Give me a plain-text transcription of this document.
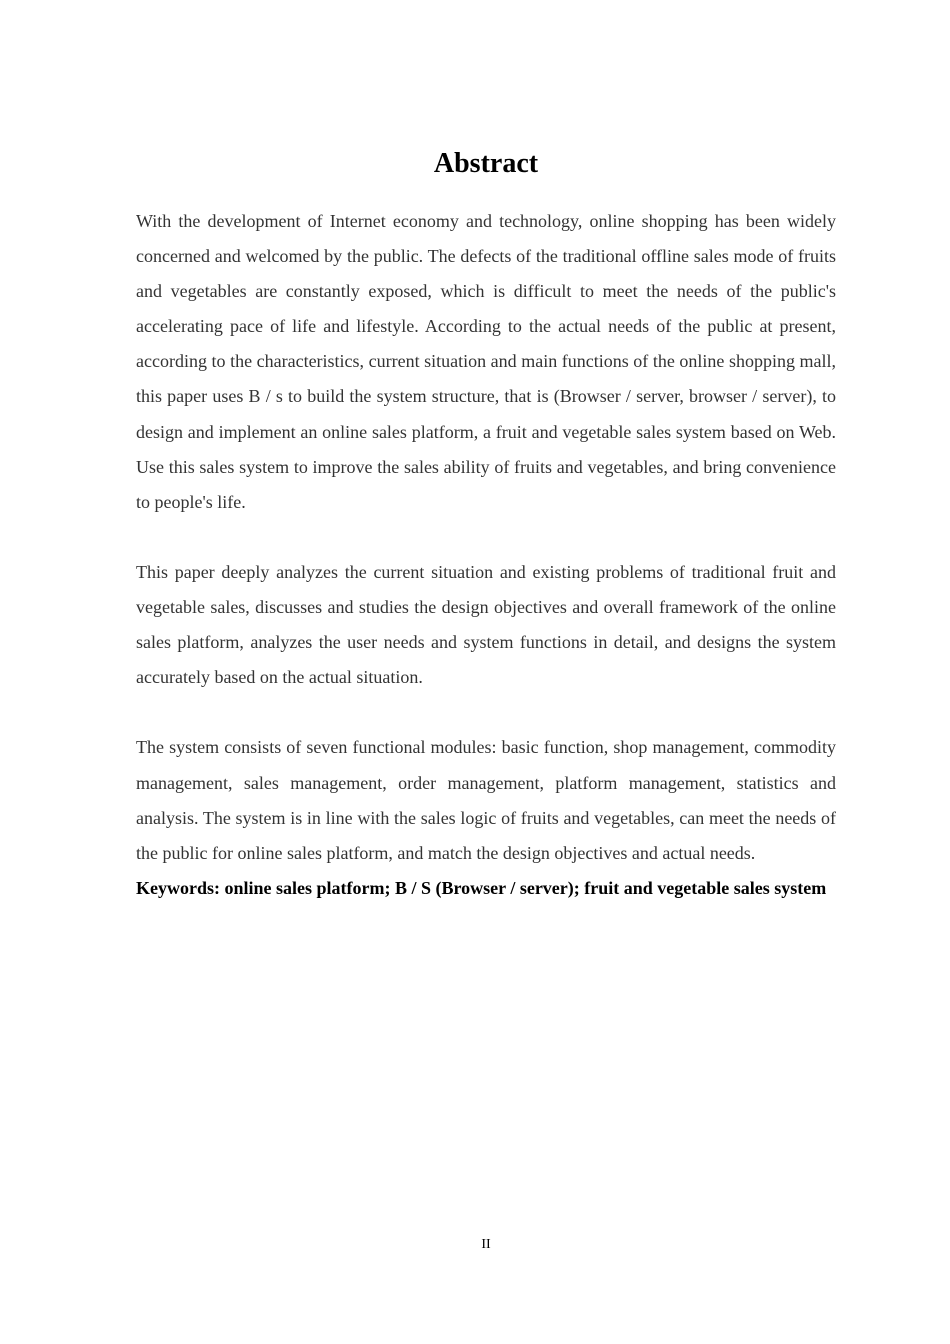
Abstract

With the development of Internet economy and technology, online shopping has been widely concerned and welcomed by the public. The defects of the traditional offline sales mode of fruits and vegetables are constantly exposed, which is difficult to meet the needs of the public's accelerating pace of life and lifestyle. According to the actual needs of the public at present, according to the characteristics, current situation and main functions of the online shopping mall, this paper uses B / s to build the system structure, that is (Browser / server, browser / server), to design and implement an online sales platform, a fruit and vegetable sales system based on Web. Use this sales system to improve the sales ability of fruits and vegetables, and bring convenience to people's life.

This paper deeply analyzes the current situation and existing problems of traditional fruit and vegetable sales, discusses and studies the design objectives and overall framework of the online sales platform, analyzes the user needs and system functions in detail, and designs the system accurately based on the actual situation.

The system consists of seven functional modules: basic function, shop management, commodity management, sales management, order management, platform management, statistics and analysis. The system is in line with the sales logic of fruits and vegetables, can meet the needs of the public for online sales platform, and match the design objectives and actual needs.

Keywords: online sales platform; B / S (Browser / server); fruit and vegetable sales system

II
